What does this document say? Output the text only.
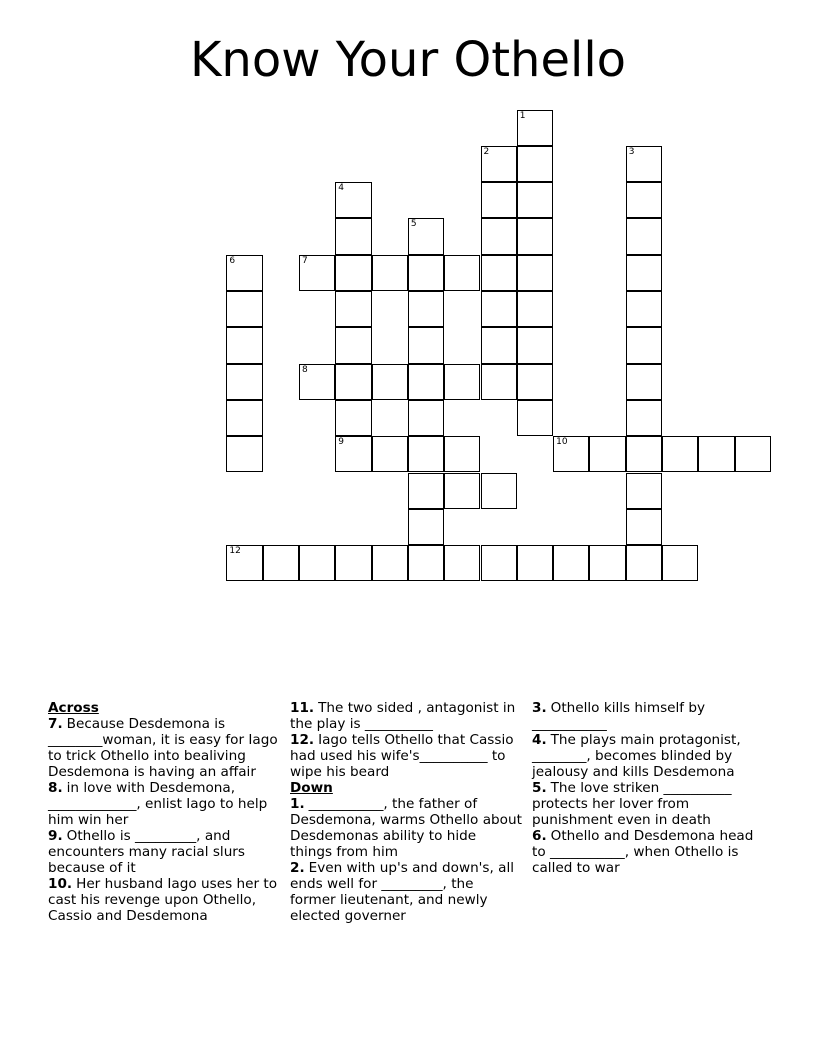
Know Your Othello
12
1
2	3
4
5
6	7
8
9	10
Across
7. Because Desdemona is ________woman, it is easy for Iago to trick Othello into bealiving Desdemona is having an affair
8. in love with Desdemona, _____________, enlist Iago to help him win her
9. Othello is _________, and encounters many racial slurs because of it
10. Her husband Iago uses her to cast his revenge upon Othello, Cassio and Desdemona
11. The two sided , antagonist in the play is __________
12. Iago tells Othello that Cassio had used his wife's__________ to wipe his beard
Down
1. ___________, the father of Desdemona, warms Othello about Desdemonas ability to hide things from him
2. Even with up's and down's, all ends well for _________, the former lieutenant, and newly elected governer
3. Othello kills himself by ___________
4. The plays main protagonist, ________, becomes blinded by jealousy and kills Desdemona
5. The love striken __________ protects her lover from punishment even in death
6. Othello and Desdemona head to ___________, when Othello is called to war
